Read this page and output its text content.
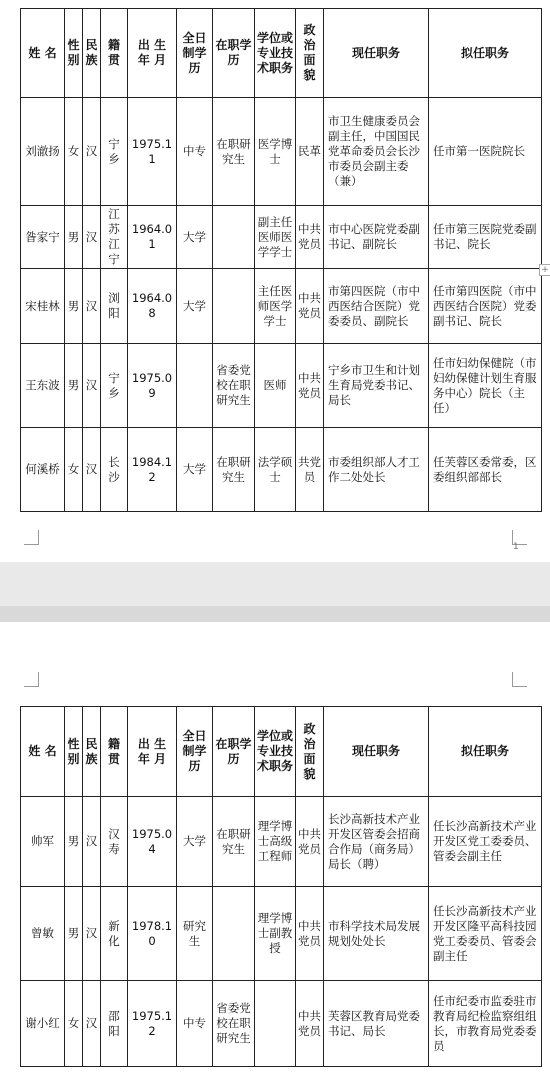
姓 名	性别	民族	籍贯	出 生 年 月	全日制学历	在职学历	学位或专业技术职务	政治面貌	现任职务	拟任职务
刘澈扬	女	汉	宁乡	1975.11	中专	在职研究生	医学博士	民革	市卫生健康委员会副主任，中国国民党革命委员会长沙市委员会副主委（兼）	任市第一医院院长
昝家宁	男	汉	江苏江宁	1964.01	大学		副主任医师医学学士	中共党员	市中心医院党委副书记、副院长	任市第三医院党委副书记、院长
宋桂林	男	汉	浏阳	1964.08	大学		主任医师医学学士	中共党员	市第四医院（市中西医结合医院）党委委员、副院长	任市第四医院（市中西医结合医院）党委副书记、院长
王东波	男	汉	宁乡	1975.09		省委党校在职研究生	医师	中共党员	宁乡市卫生和计划生育局党委书记、局长	任市妇幼保健院（市妇幼保健计划生育服务中心）院长（主任）
何溪桥	女	汉	长沙	1984.12	大学	在职研究生	法学硕士	共党员	市委组织部人才工作二处处长	任芙蓉区委常委，区委组织部部长
1
+
姓 名	性别	民族	籍贯	出 生 年 月	全日制学历	在职学历	学位或专业技术职务	政治面貌	现任职务	拟任职务
帅军	男	汉	汉寿	1975.04	大学	在职研究生	理学博士高级工程师	中共党员	长沙高新技术产业开发区管委会招商合作局（商务局）局长（聘）	任长沙高新技术产业开发区党工委委员、管委会副主任
曾敏	男	汉	新化	1978.10	研究生		理学博士副教授	中共党员	市科学技术局发展规划处处长	任长沙高新技术产业开发区隆平高科技园党工委委员、管委会副主任
谢小红	女	汉	邵阳	1975.12	中专	省委党校在职研究生		中共党员	芙蓉区教育局党委书记、局长	任市纪委市监委驻市教育局纪检监察组组长，市教育局党委委员
